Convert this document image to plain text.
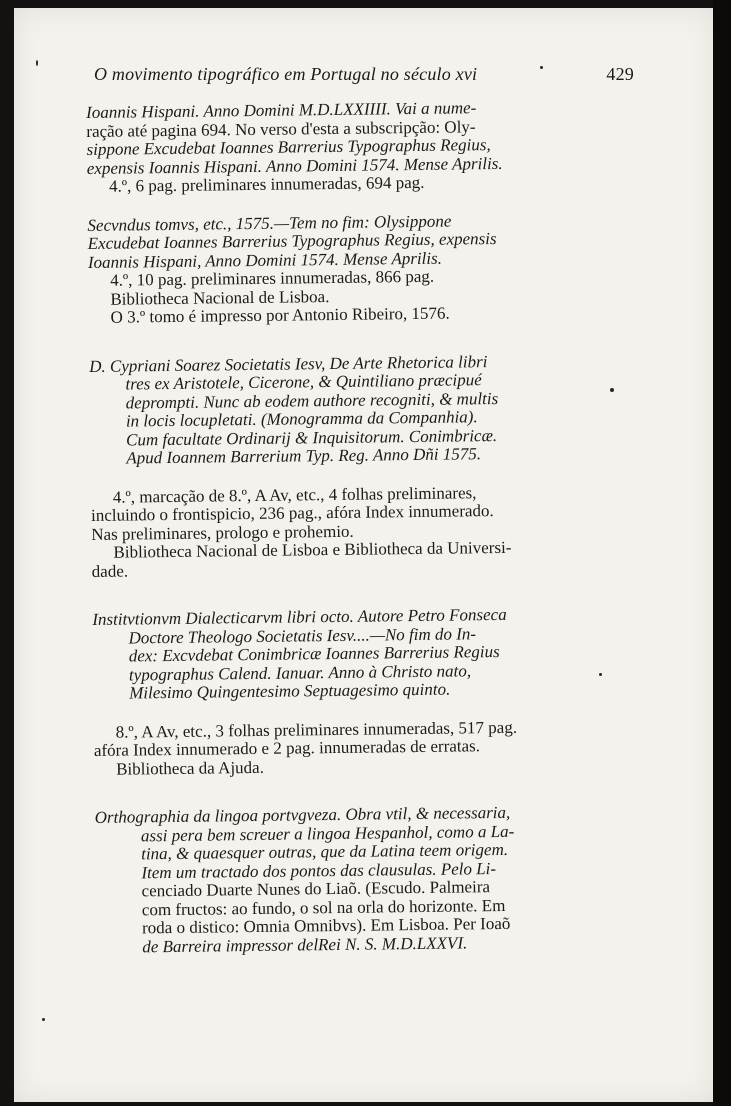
O movimento tipográfico em Portugal no século xvi	429

Ioannis Hispani. Anno Domini M.D.LXXIIII. Vai a nume-

ração até pagina 694. No verso d'esta a subscripção: Oly-

sippone Excudebat Ioannes Barrerius Typographus Regius,

expensis Ioannis Hispani. Anno Domini 1574. Mense Aprilis.

4.º, 6 pag. preliminares innumeradas, 694 pag.

Secvndus tomvs, etc., 1575.—Tem no fim: Olysippone

Excudebat Ioannes Barrerius Typographus Regius, expensis

Ioannis Hispani, Anno Domini 1574. Mense Aprilis.

4.º, 10 pag. preliminares innumeradas, 866 pag.

Bibliotheca Nacional de Lisboa.

O 3.º tomo é impresso por Antonio Ribeiro, 1576.

D. Cypriani Soarez Societatis Iesv, De Arte Rhetorica libri

tres ex Aristotele, Cicerone, & Quintiliano præcipué

deprompti. Nunc ab eodem authore recogniti, & multis

in locis locupletati. (Monogramma da Companhia).

Cum facultate Ordinarij & Inquisitorum. Conimbricæ.

Apud Ioannem Barrerium Typ. Reg. Anno Dñi 1575.

4.º, marcação de 8.º, A Av, etc., 4 folhas preliminares,

incluindo o frontispicio, 236 pag., afóra Index innumerado.

Nas preliminares, prologo e prohemio.

Bibliotheca Nacional de Lisboa e Bibliotheca da Universi-

dade.

Institvtionvm Dialecticarvm libri octo. Autore Petro Fonseca

Doctore Theologo Societatis Iesv....—No fim do In-

dex: Excvdebat Conimbricæ Ioannes Barrerius Regius

typographus Calend. Ianuar. Anno à Christo nato,

Milesimo Quingentesimo Septuagesimo quinto.

8.º, A Av, etc., 3 folhas preliminares innumeradas, 517 pag.

afóra Index innumerado e 2 pag. innumeradas de erratas.

Bibliotheca da Ajuda.

Orthographia da lingoa portvgveza. Obra vtil, & necessaria,

assi pera bem screuer a lingoa Hespanhol, como a La-

tina, & quaesquer outras, que da Latina teem origem.

Item um tractado dos pontos das clausulas. Pelo Li-

cenciado Duarte Nunes do Liaõ. (Escudo. Palmeira

com fructos: ao fundo, o sol na orla do horizonte. Em

roda o distico: Omnia Omnibvs). Em Lisboa. Per Ioaõ

de Barreira impressor delRei N. S. M.D.LXXVI.
